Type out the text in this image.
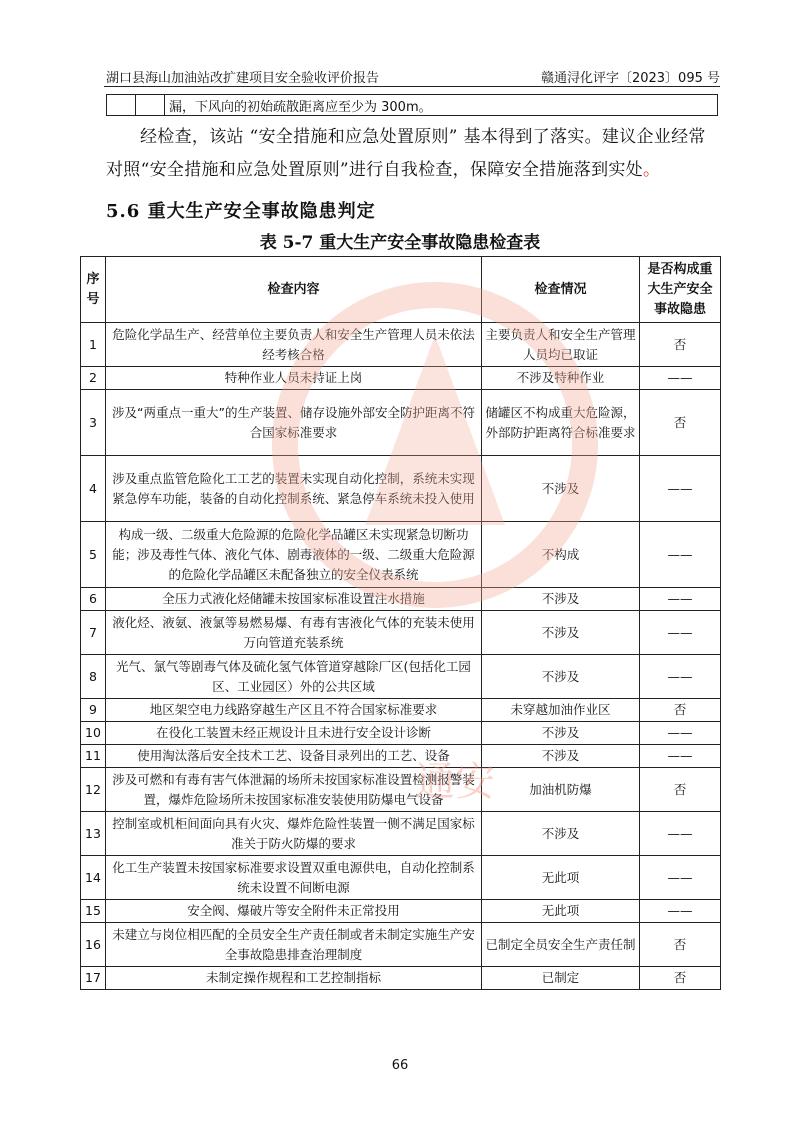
湖口县海山加油站改扩建项目安全验收评价报告	赣通浔化评字〔2023〕095 号
		漏，下风向的初始疏散距离应至少为 300m。
经检查，该站 “安全措施和应急处置原则” 基本得到了落实。建议企业经常对照“安全措施和应急处置原则”进行自我检查，保障安全措施落到实处。
5.6 重大生产安全事故隐患判定
表 5-7 重大生产安全事故隐患检查表
序号	检查内容	检查情况	是否构成重大生产安全事故隐患
1	危险化学品生产、经营单位主要负责人和安全生产管理人员未依法经考核合格	主要负责人和安全生产管理人员均已取证	否
2	特种作业人员未持证上岗	不涉及特种作业	——
3	涉及“两重点一重大”的生产装置、储存设施外部安全防护距离不符合国家标准要求	储罐区不构成重大危险源，外部防护距离符合标准要求	否
4	涉及重点监管危险化工工艺的装置未实现自动化控制，系统未实现紧急停车功能，装备的自动化控制系统、紧急停车系统未投入使用	不涉及	——
5	构成一级、二级重大危险源的危险化学品罐区未实现紧急切断功能；涉及毒性气体、液化气体、剧毒液体的一级、二级重大危险源的危险化学品罐区未配备独立的安全仪表系统	不构成	——
6	全压力式液化烃储罐未按国家标准设置注水措施	不涉及	——
7	液化烃、液氨、液氯等易燃易爆、有毒有害液化气体的充装未使用万向管道充装系统	不涉及	——
8	光气、氯气等剧毒气体及硫化氢气体管道穿越除厂区(包括化工园区、工业园区）外的公共区域	不涉及	——
9	地区架空电力线路穿越生产区且不符合国家标准要求	未穿越加油作业区	否
10	在役化工装置未经正规设计且未进行安全设计诊断	不涉及	——
11	使用淘汰落后安全技术工艺、设备目录列出的工艺、设备	不涉及	——
12	涉及可燃和有毒有害气体泄漏的场所未按国家标准设置检测报警装置，爆炸危险场所未按国家标准安装使用防爆电气设备	加油机防爆	否
13	控制室或机柜间面向具有火灾、爆炸危险性装置一侧不满足国家标准关于防火防爆的要求	不涉及	——
14	化工生产装置未按国家标准要求设置双重电源供电，自动化控制系统未设置不间断电源	无此项	——
15	安全阀、爆破片等安全附件未正常投用	无此项	——
16	未建立与岗位相匹配的全员安全生产责任制或者未制定实施生产安全事故隐患排查治理制度	已制定全员安全生产责任制	否
17	未制定操作规程和工艺控制指标	已制定	否
通安
66
